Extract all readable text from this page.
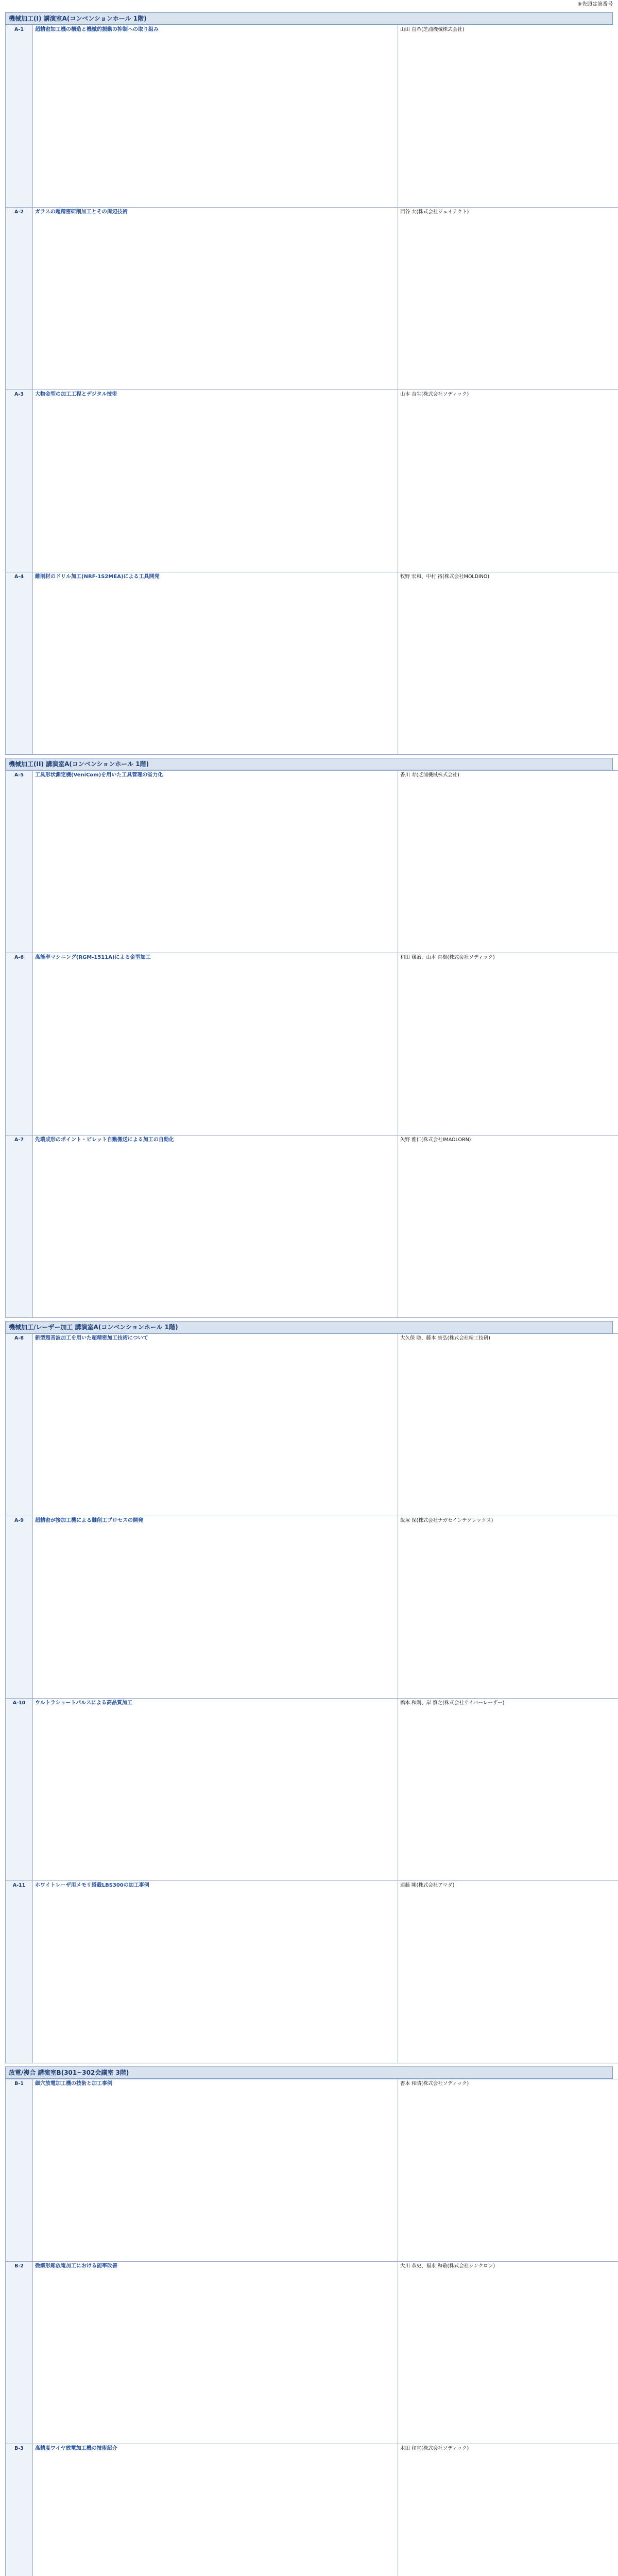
※先頭は演番号
機械加工(I) 講演室A(コンベンションホール 1階)
A-1	超精密加工機の構造と機械的振動の抑制への取り組み	山田 直希(芝浦機械株式会社)
A-2	ガラスの超精密研削加工とその周辺技術	西谷 大(株式会社ジェイテクト)
A-3	大物金型の加工工程とデジタル技術	山本 吉生(株式会社ソディック)
A-4	難削材のドリル加工(NRF-1S2MEA)による工具開発	牧野 宏和、中村 裕(株式会社MOLDINO)
機械加工(II) 講演室A(コンベンションホール 1階)
A-5	工具形状測定機(VeniCom)を用いた工具管理の省力化	香川 寿(芝浦機械株式会社)
A-6	高能率マシニング(RGM-1511A)による金型加工	和田 穣治、山本 直樹(株式会社ソディック)
A-7	先端成形のポイント・ビレット自動搬送による加工の自動化	矢野 雅仁(株式会社IMAOLORN)
機械加工/レーザー加工 講演室A(コンベンションホール 1階)
A-8	新型超音波加工を用いた超精密加工技術について	大久保 聡、藤本 康弘(株式会社精工技研)
A-9	超精密が接加工機による難削工プロセスの開発	飯塚 保(株式会社ナガセインテグレックス)
A-10	ウルトラショートパルスによる高品質加工	橋本 和則、岸 慎之(株式会社サイバーレーザー)
A-11	ホワイトレーザ用メモリ搭載LBS300の加工事例	遠藤 剛(株式会社アマダ)
放電/複合 講演室B(301~302会議室 3階)
B-1	細穴放電加工機の技術と加工事例	香本 和晴(株式会社ソディック)
B-2	微細形彫放電加工における能率改善	大川 恭史、福永 和敬(株式会社シンクロン)
B-3	高精度ワイヤ放電加工機の技術紹介	木田 和宣(株式会社ソディック)
